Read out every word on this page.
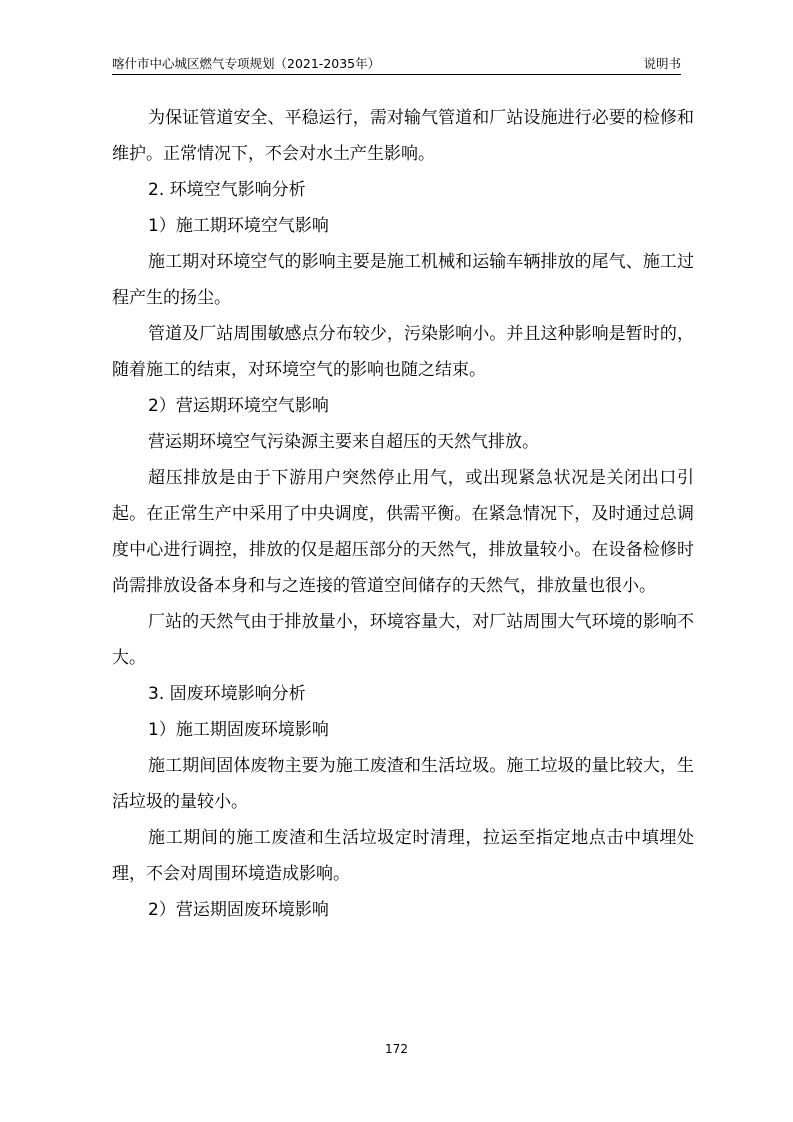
喀什市中心城区燃气专项规划（2021-2035年）	说明书

为保证管道安全、平稳运行，需对输气管道和厂站设施进行必要的检修和维护。正常情况下，不会对水土产生影响。

2. 环境空气影响分析

1）施工期环境空气影响

施工期对环境空气的影响主要是施工机械和运输车辆排放的尾气、施工过程产生的扬尘。

管道及厂站周围敏感点分布较少，污染影响小。并且这种影响是暂时的，随着施工的结束，对环境空气的影响也随之结束。

2）营运期环境空气影响

营运期环境空气污染源主要来自超压的天然气排放。

超压排放是由于下游用户突然停止用气，或出现紧急状况是关闭出口引起。在正常生产中采用了中央调度，供需平衡。在紧急情况下，及时通过总调度中心进行调控，排放的仅是超压部分的天然气，排放量较小。在设备检修时尚需排放设备本身和与之连接的管道空间储存的天然气，排放量也很小。

厂站的天然气由于排放量小，环境容量大，对厂站周围大气环境的影响不大。

3. 固废环境影响分析

1）施工期固废环境影响

施工期间固体废物主要为施工废渣和生活垃圾。施工垃圾的量比较大，生活垃圾的量较小。

施工期间的施工废渣和生活垃圾定时清理，拉运至指定地点击中填埋处理，不会对周围环境造成影响。

2）营运期固废环境影响

172
